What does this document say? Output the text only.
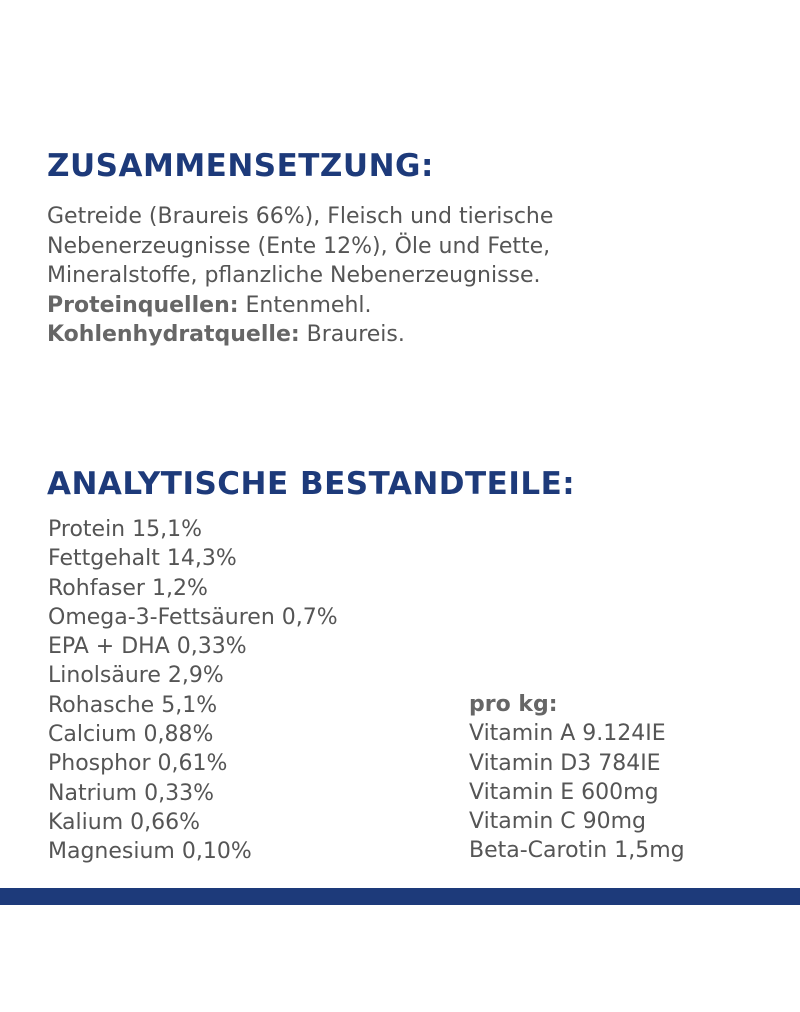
ZUSAMMENSETZUNG:
Getreide (Braureis 66%), Fleisch und tierische
Nebenerzeugnisse (Ente 12%), Öle und Fette,
Mineralstoffe, pflanzliche Nebenerzeugnisse.
Proteinquellen: Entenmehl.
Kohlenhydratquelle: Braureis.
ANALYTISCHE BESTANDTEILE:
Protein 15,1%
Fettgehalt 14,3%
Rohfaser 1,2%
Omega-3-Fettsäuren 0,7%
EPA + DHA 0,33%
Linolsäure 2,9%
Rohasche 5,1%
Calcium 0,88%
Phosphor 0,61%
Natrium 0,33%
Kalium 0,66%
Magnesium 0,10%
pro kg:
Vitamin A 9.124IE
Vitamin D3 784IE
Vitamin E 600mg
Vitamin C 90mg
Beta-Carotin 1,5mg
